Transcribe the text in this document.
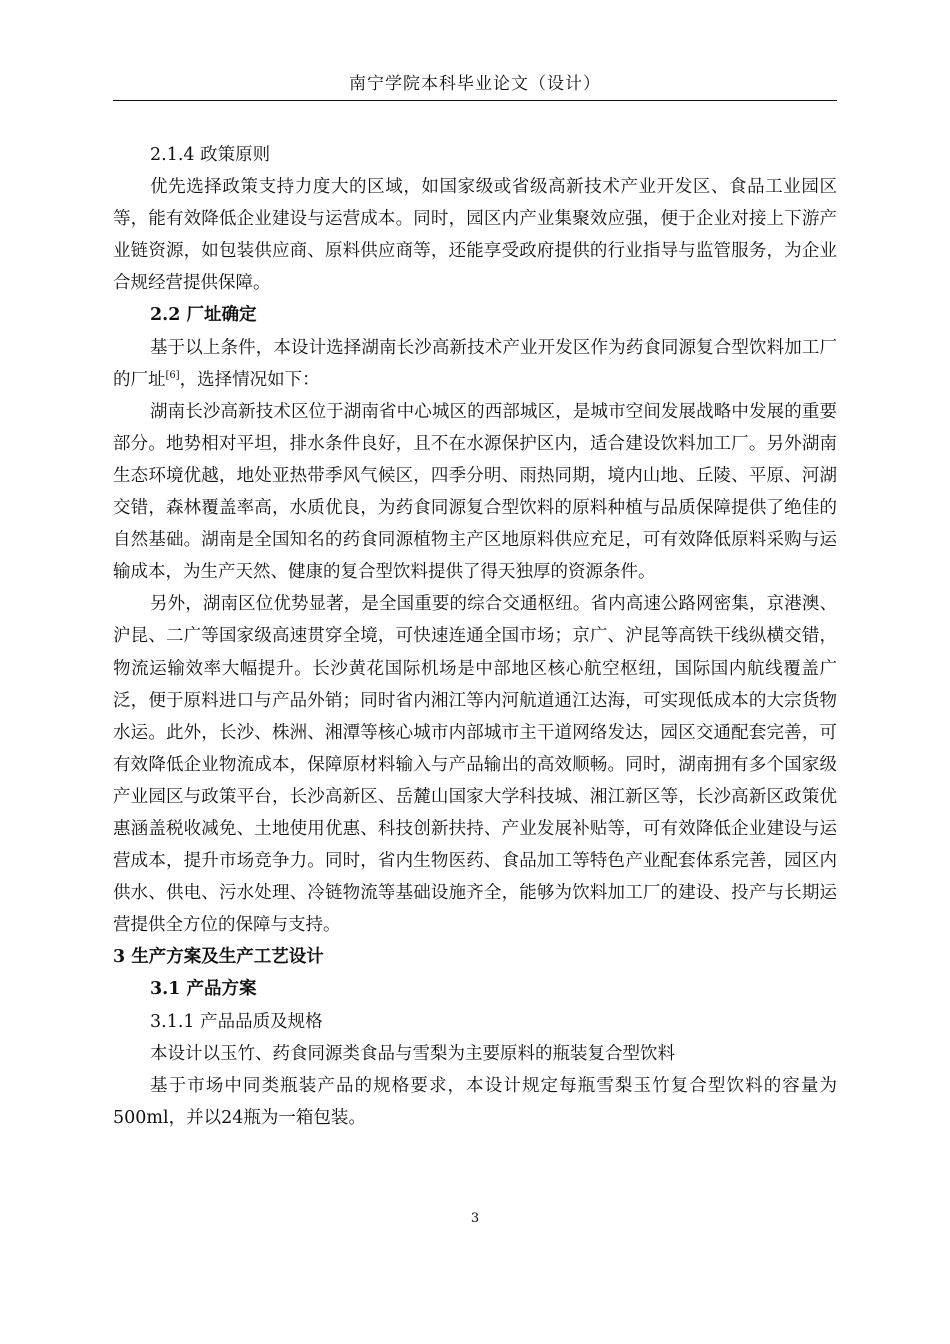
南宁学院本科毕业论文（设计）

2.1.4 政策原则

优先选择政策支持力度大的区域，如国家级或省级高新技术产业开发区、食品工业园区等，能有效降低企业建设与运营成本。同时，园区内产业集聚效应强，便于企业对接上下游产业链资源，如包装供应商、原料供应商等，还能享受政府提供的行业指导与监管服务，为企业合规经营提供保障。

2.2 厂址确定

基于以上条件，本设计选择湖南长沙高新技术产业开发区作为药食同源复合型饮料加工厂的厂址[6]，选择情况如下：

湖南长沙高新技术区位于湖南省中心城区的西部城区，是城市空间发展战略中发展的重要部分。地势相对平坦，排水条件良好，且不在水源保护区内，适合建设饮料加工厂。另外湖南生态环境优越，地处亚热带季风气候区，四季分明、雨热同期，境内山地、丘陵、平原、河湖交错，森林覆盖率高，水质优良，为药食同源复合型饮料的原料种植与品质保障提供了绝佳的自然基础。湖南是全国知名的药食同源植物主产区地原料供应充足，可有效降低原料采购与运输成本，为生产天然、健康的复合型饮料提供了得天独厚的资源条件。

另外，湖南区位优势显著，是全国重要的综合交通枢纽。省内高速公路网密集，京港澳、沪昆、二广等国家级高速贯穿全境，可快速连通全国市场；京广、沪昆等高铁干线纵横交错，物流运输效率大幅提升。长沙黄花国际机场是中部地区核心航空枢纽，国际国内航线覆盖广泛，便于原料进口与产品外销；同时省内湘江等内河航道通江达海，可实现低成本的大宗货物水运。此外，长沙、株洲、湘潭等核心城市内部城市主干道网络发达，园区交通配套完善，可有效降低企业物流成本，保障原材料输入与产品输出的高效顺畅。同时，湖南拥有多个国家级产业园区与政策平台，长沙高新区、岳麓山国家大学科技城、湘江新区等，长沙高新区政策优惠涵盖税收减免、土地使用优惠、科技创新扶持、产业发展补贴等，可有效降低企业建设与运营成本，提升市场竞争力。同时，省内生物医药、食品加工等特色产业配套体系完善，园区内供水、供电、污水处理、冷链物流等基础设施齐全，能够为饮料加工厂的建设、投产与长期运营提供全方位的保障与支持。

3 生产方案及生产工艺设计

3.1 产品方案

3.1.1 产品品质及规格

本设计以玉竹、药食同源类食品与雪梨为主要原料的瓶装复合型饮料

基于市场中同类瓶装产品的规格要求，本设计规定每瓶雪梨玉竹复合型饮料的容量为500ml，并以24瓶为一箱包装。

3
